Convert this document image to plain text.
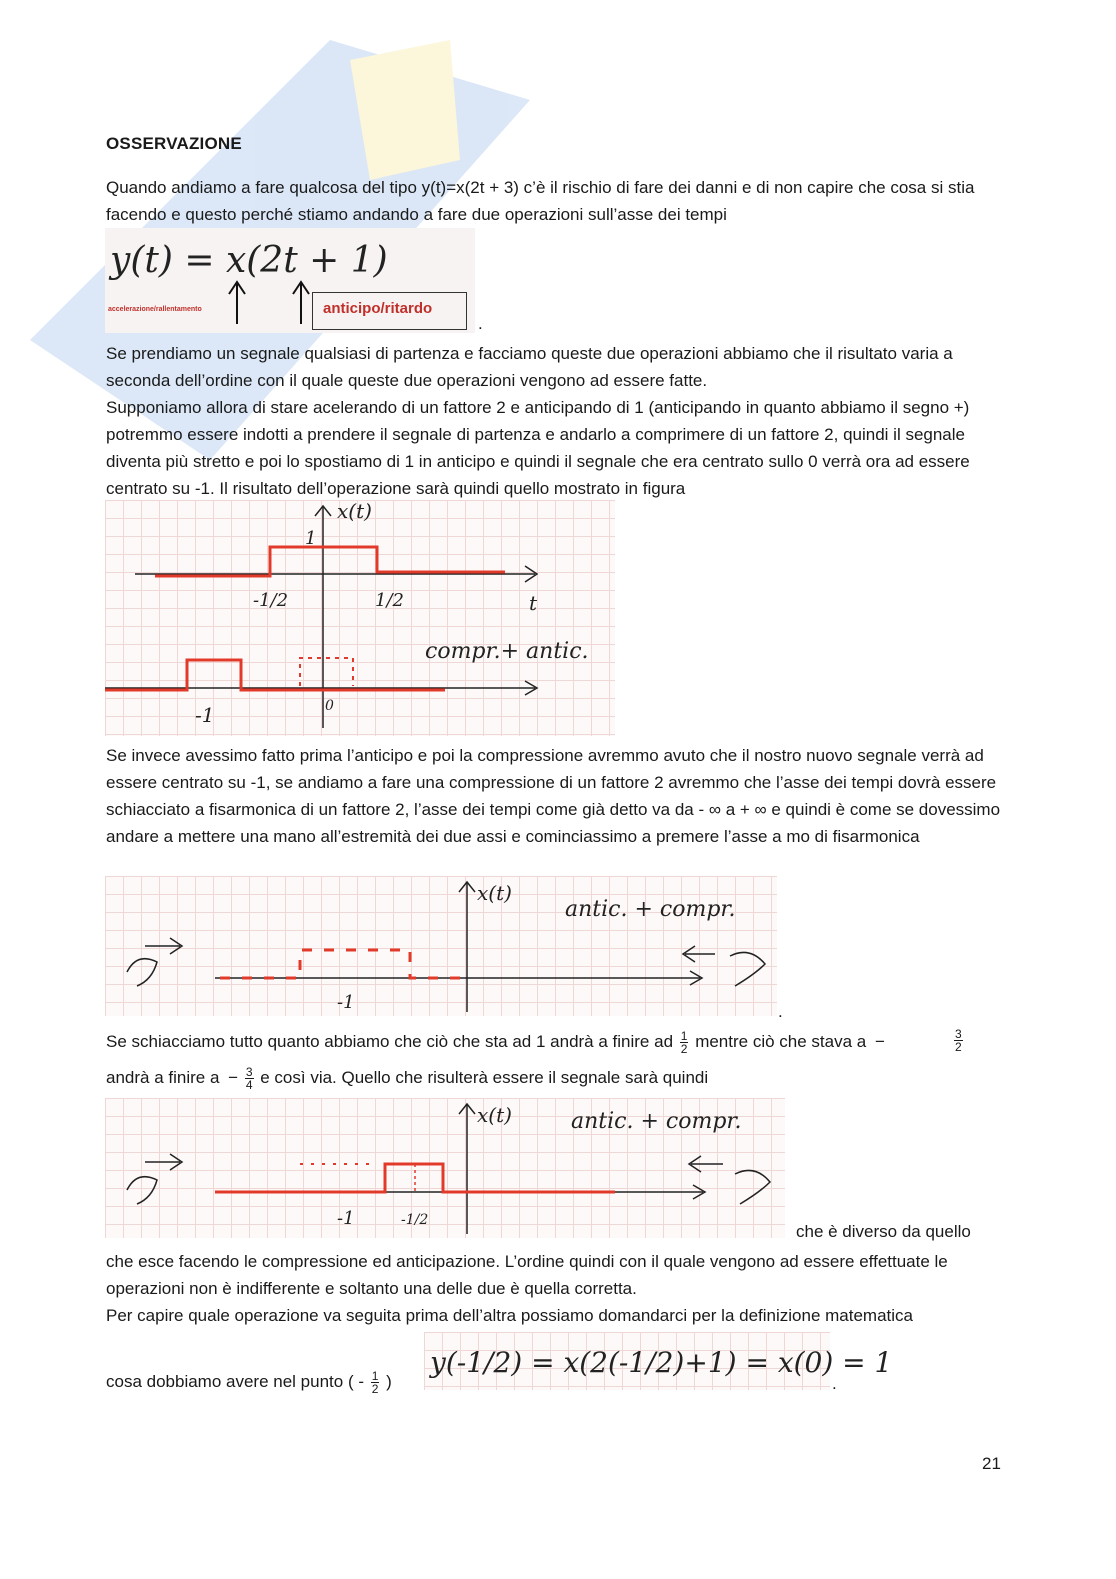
OSSERVAZIONE

Quando andiamo a fare qualcosa del tipo y(t)=x(2t + 3) c’è il rischio di fare dei danni e di non capire che cosa si stia facendo e questo perché stiamo andando a fare due operazioni sull’asse dei tempi

y(t) = x(2t + 1)
accelerazione/rallentamento	anticipo/ritardo
.

Se prendiamo un segnale qualsiasi di partenza e facciamo queste due operazioni abbiamo che il risultato varia a seconda dell’ordine con il quale queste due operazioni vengono ad essere fatte.

Supponiamo allora di stare acelerando di un fattore 2 e anticipando di 1 (anticipando in quanto abbiamo il segno +) potremmo essere indotti a prendere il segnale di partenza e andarlo a comprimere di un fattore 2, quindi il segnale diventa più stretto e poi lo spostiamo di 1 in anticipo e quindi il segnale che era centrato sullo 0 verrà ora ad essere centrato su -1. Il risultato dell’operazione sarà quindi quello mostrato in figura

x(t)
1
-1/2	1/2	t
compr.+ antic.
-1	0

Se invece avessimo fatto prima l’anticipo e poi la compressione avremmo avuto che il nostro nuovo segnale verrà ad essere centrato su -1, se andiamo a fare una compressione di un fattore 2 avremmo che l’asse dei tempi dovrà essere schiacciato a fisarmonica di un fattore 2, l’asse dei tempi come già detto va da - ∞ a + ∞ e quindi è come se dovessimo andare a mettere una mano all’estremità dei due assi e cominciassimo a premere l’asse a mo di fisarmonica

x(t)
antic. + compr.
-1	.
Se schiacciamo tutto quanto abbiamo che ciò che sta ad 1 andrà a finire ad $\frac{1}{2}$ mentre ciò che stava a −	$\frac{3}{2}$
andrà a finire $a - \frac{3}{4}$ e così via. Quello che risulterà essere il segnale sarà quindi
x(t)	antic. + compr.
-1	-1/2
che è diverso da quello

che esce facendo le compressione ed anticipazione. L’ordine quindi con il quale vengono ad essere effettuate le operazioni non è indifferente e soltanto una delle due è quella corretta.

Per capire quale operazione va seguita prima dell’altra possiamo domandarci per la definizione matematica

cosa dobbiamo avere nel punto ( - $\frac{1}{2}$ )
y(-1/2) = x(2(-1/2)+1) = x(0) = 1
.
21
